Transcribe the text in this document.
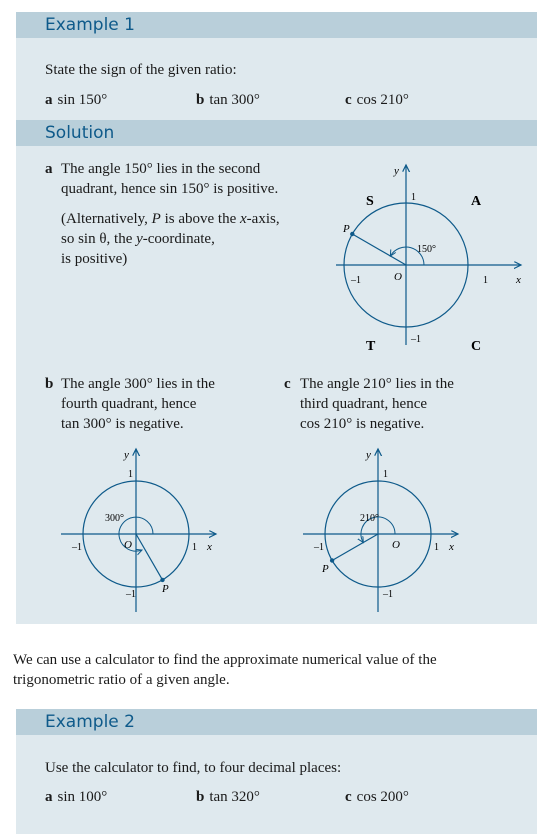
Example 1
State the sign of the given ratio:
a sin 150°	b tan 300°	c cos 210°
Solution
a The angle 150° lies in the second
quadrant, hence sin 150° is positive.
(Alternatively, P is above the x-axis,
so sin θ, the y-coordinate,
is positive)
S	A
T	C
150°
P
O	x
y
1
1
–1
–1
b The angle 300° lies in the
fourth quadrant, hence
tan 300° is negative.
c The angle 210° lies in the
third quadrant, hence
cos 210° is negative.
300°
P
O	x
y
1
1
–1
–1
210°
P
O	x
y
1
1
–1
–1
We can use a calculator to find the approximate numerical value of the
trigonometric ratio of a given angle.
Example 2
Use the calculator to find, to four decimal places:
a sin 100°	b tan 320°	c cos 200°
